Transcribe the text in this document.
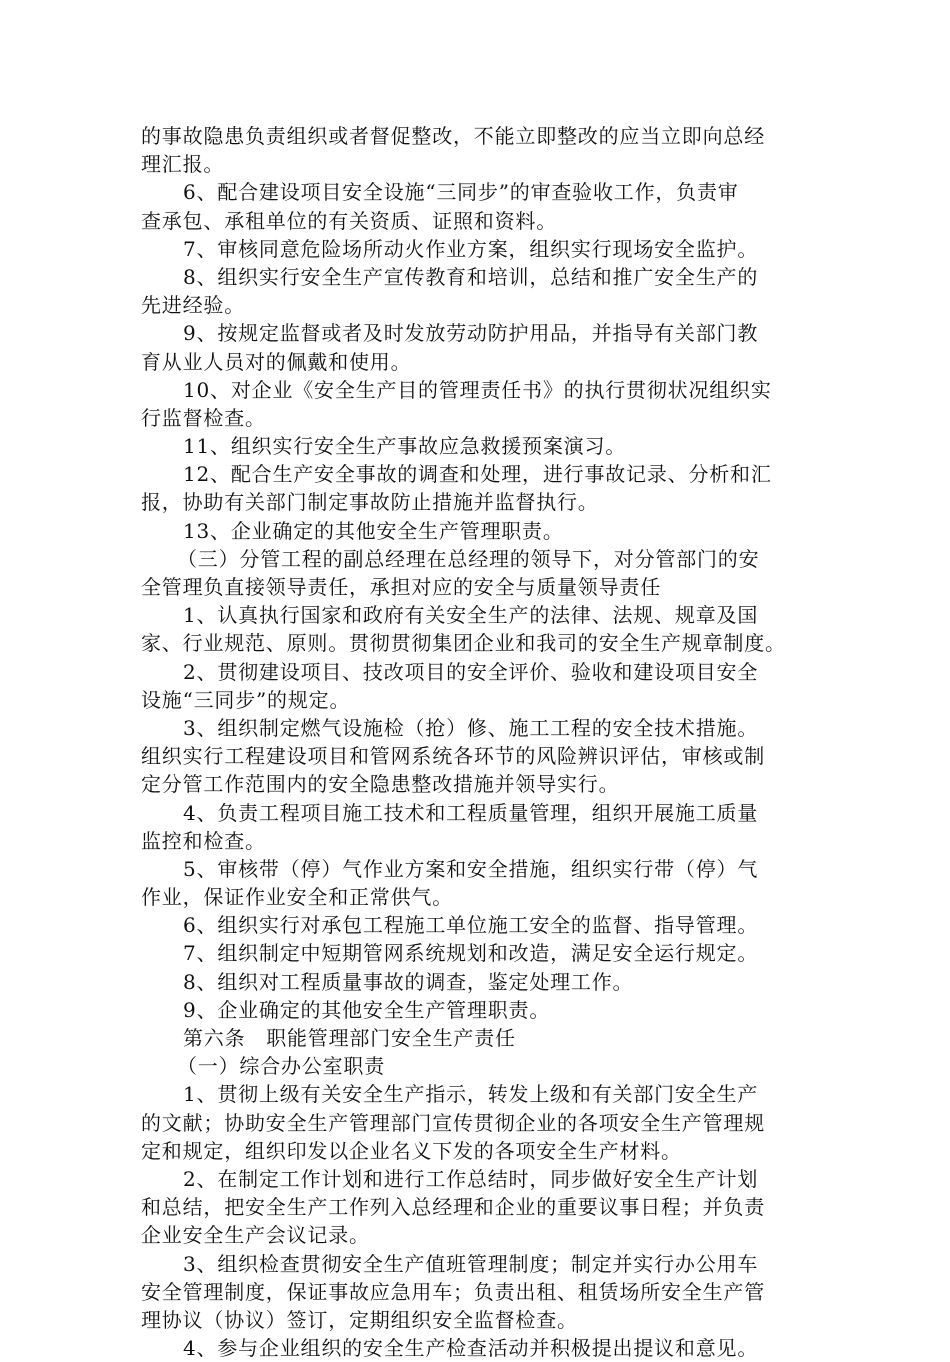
的事故隐患负责组织或者督促整改，不能立即整改的应当立即向总经
理汇报。
6、配合建设项目安全设施“三同步”的审查验收工作，负责审
查承包、承租单位的有关资质、证照和资料。
7、审核同意危险场所动火作业方案，组织实行现场安全监护。
8、组织实行安全生产宣传教育和培训，总结和推广安全生产的
先进经验。
9、按规定监督或者及时发放劳动防护用品，并指导有关部门教
育从业人员对的佩戴和使用。
10、对企业《安全生产目的管理责任书》的执行贯彻状况组织实
行监督检查。
11、组织实行安全生产事故应急救援预案演习。
12、配合生产安全事故的调查和处理，进行事故记录、分析和汇
报，协助有关部门制定事故防止措施并监督执行。
13、企业确定的其他安全生产管理职责。
（三）分管工程的副总经理在总经理的领导下，对分管部门的安
全管理负直接领导责任，承担对应的安全与质量领导责任
1、认真执行国家和政府有关安全生产的法律、法规、规章及国
家、行业规范、原则。贯彻贯彻集团企业和我司的安全生产规章制度。
2、贯彻建设项目、技改项目的安全评价、验收和建设项目安全
设施“三同步”的规定。
3、组织制定燃气设施检（抢）修、施工工程的安全技术措施。
组织实行工程建设项目和管网系统各环节的风险辨识评估，审核或制
定分管工作范围内的安全隐患整改措施并领导实行。
4、负责工程项目施工技术和工程质量管理，组织开展施工质量
监控和检查。
5、审核带（停）气作业方案和安全措施，组织实行带（停）气
作业，保证作业安全和正常供气。
6、组织实行对承包工程施工单位施工安全的监督、指导管理。
7、组织制定中短期管网系统规划和改造，满足安全运行规定。
8、组织对工程质量事故的调查，鉴定处理工作。
9、企业确定的其他安全生产管理职责。
第六条　职能管理部门安全生产责任
（一）综合办公室职责
1、贯彻上级有关安全生产指示，转发上级和有关部门安全生产
的文献；协助安全生产管理部门宣传贯彻企业的各项安全生产管理规
定和规定，组织印发以企业名义下发的各项安全生产材料。
2、在制定工作计划和进行工作总结时，同步做好安全生产计划
和总结，把安全生产工作列入总经理和企业的重要议事日程；并负责
企业安全生产会议记录。
3、组织检查贯彻安全生产值班管理制度；制定并实行办公用车
安全管理制度，保证事故应急用车；负责出租、租赁场所安全生产管
理协议（协议）签订，定期组织安全监督检查。
4、参与企业组织的安全生产检查活动并积极提出提议和意见。
